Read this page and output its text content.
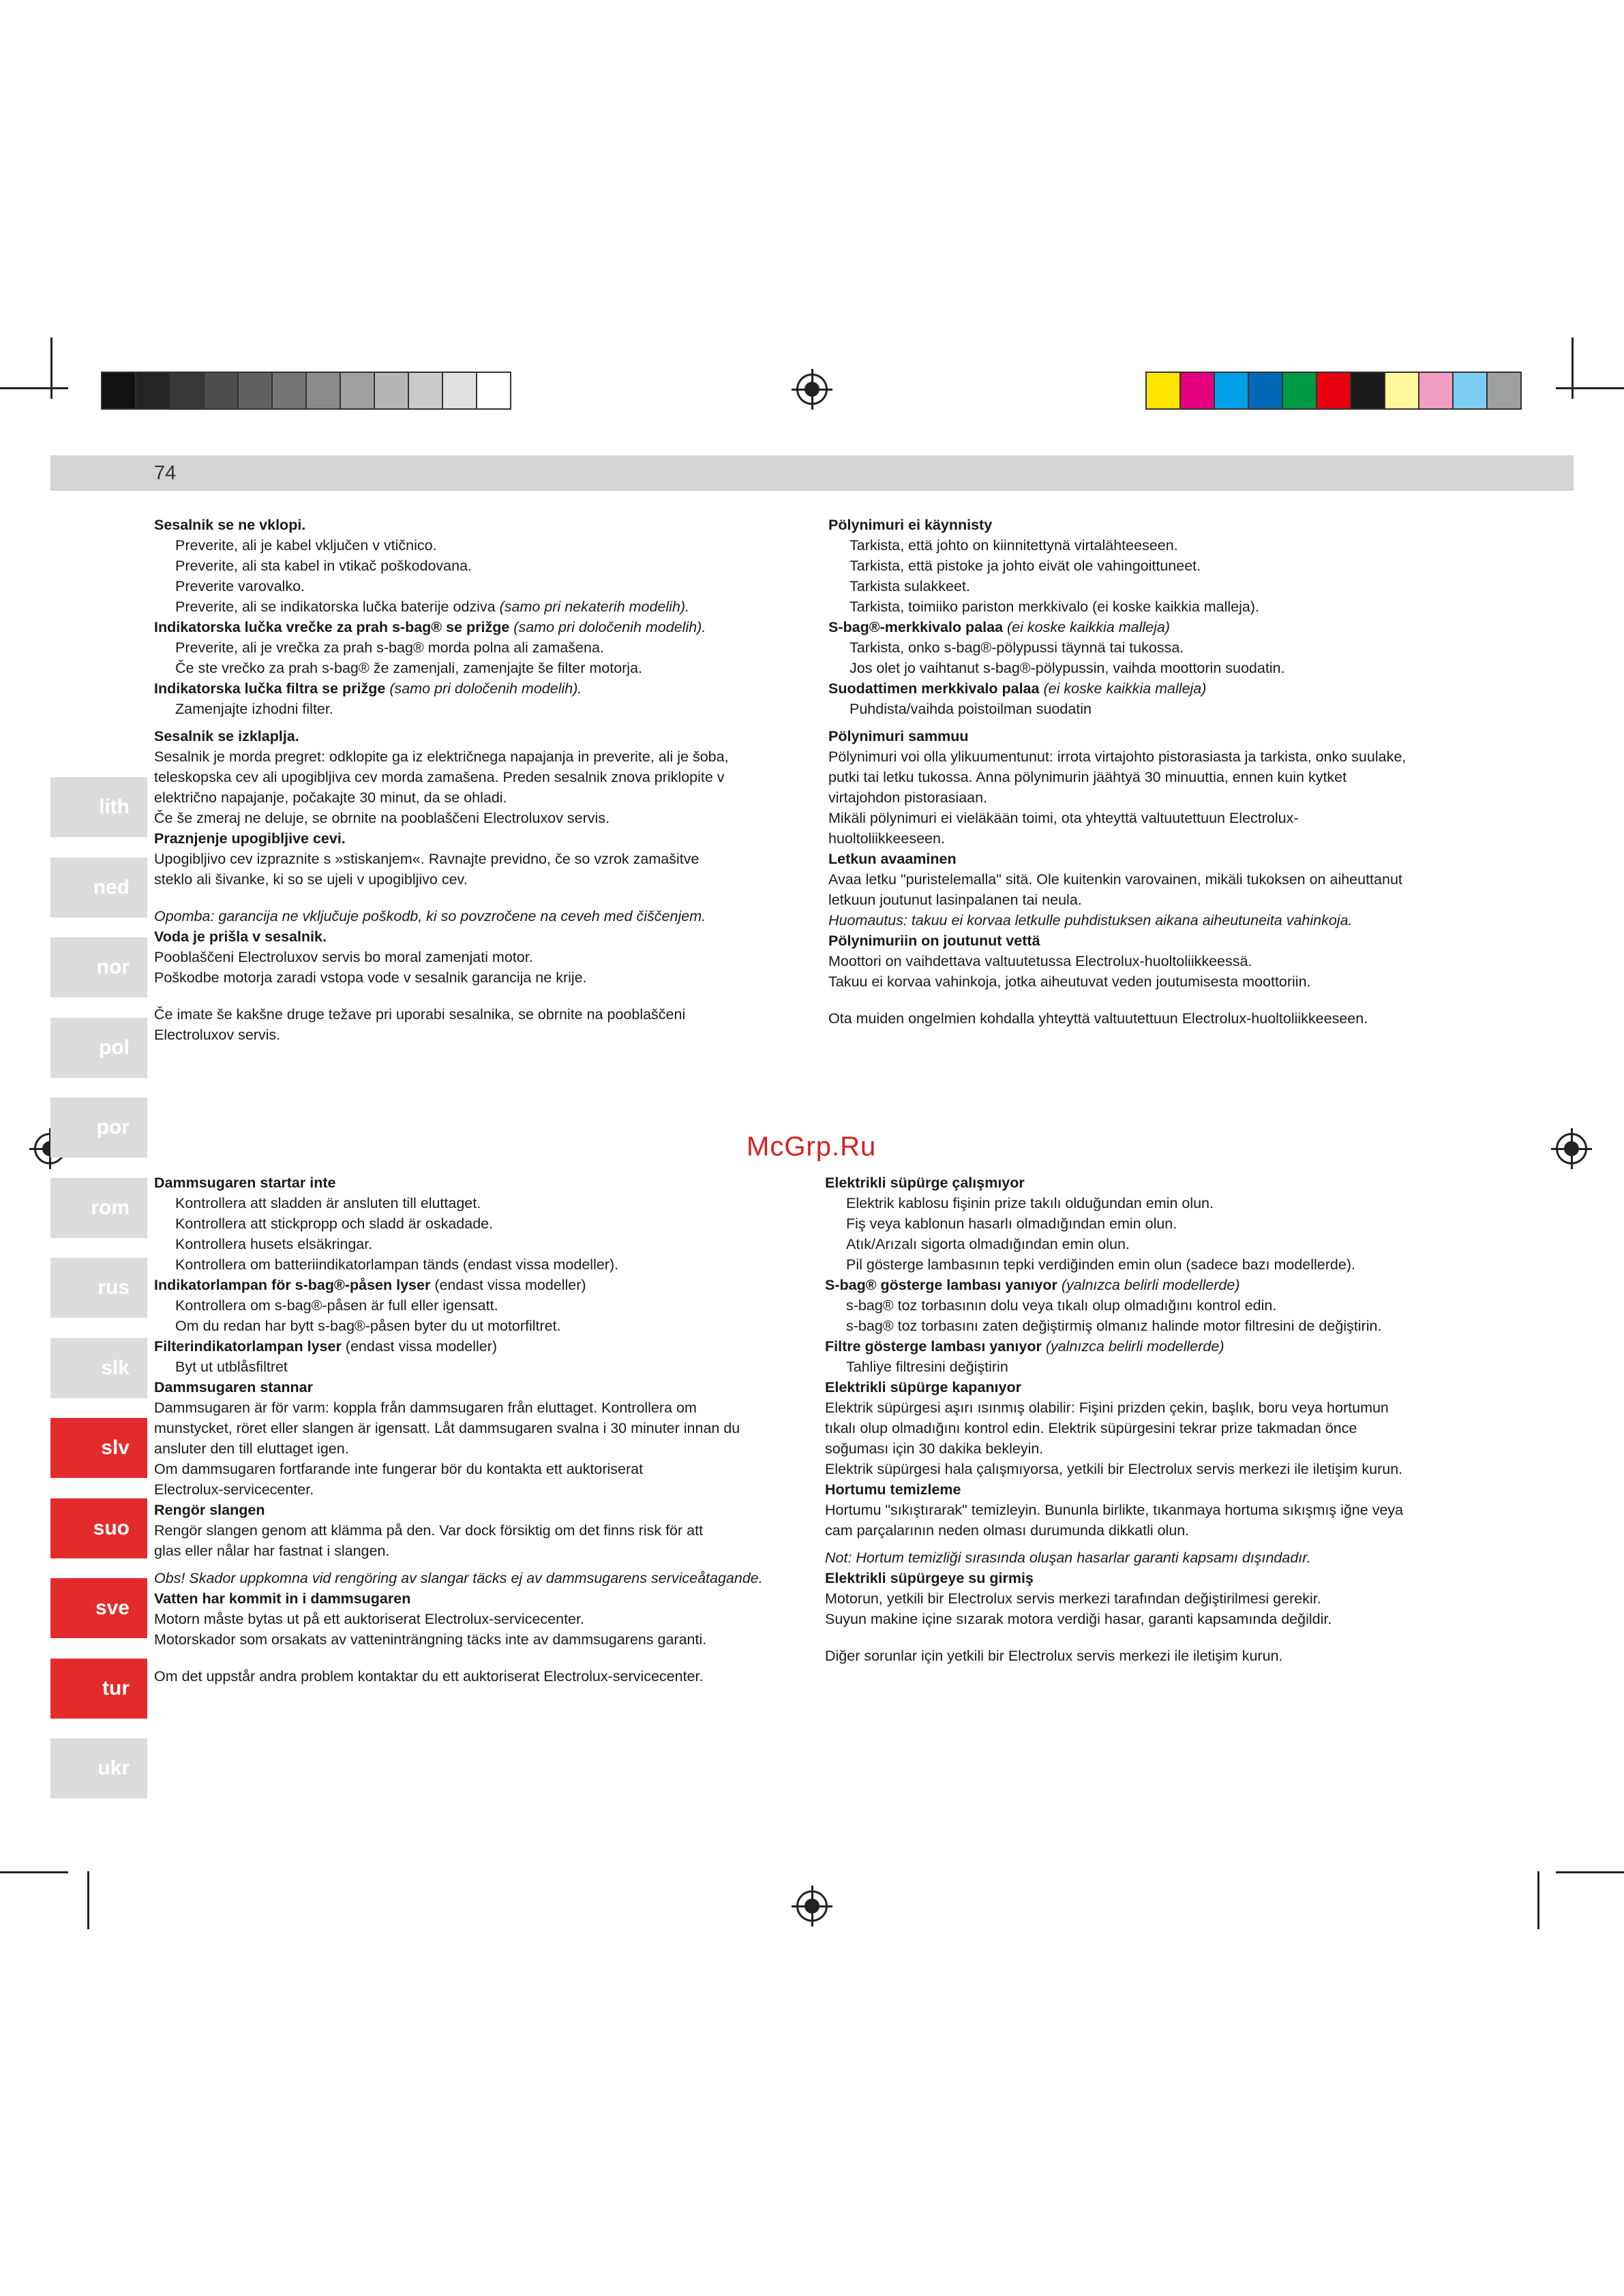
74
McGrp.Ru
lith
ned
nor
pol
por
rom
rus
slk
slv
suo
sve
tur
ukr

Sesalnik se ne vklopi.

Preverite, ali je kabel vključen v vtičnico.

Preverite, ali sta kabel in vtikač poškodovana.

Preverite varovalko.

Preverite, ali se indikatorska lučka baterije odziva (samo pri nekaterih modelih).

Indikatorska lučka vrečke za prah s-bag® se prižge (samo pri določenih modelih).

Preverite, ali je vrečka za prah s-bag® morda polna ali zamašena.

Če ste vrečko za prah s-bag® že zamenjali, zamenjajte še filter motorja.

Indikatorska lučka filtra se prižge (samo pri določenih modelih).

Zamenjajte izhodni filter.

Sesalnik se izklaplja.

Sesalnik je morda pregret: odklopite ga iz električnega napajanja in preverite, ali je šoba,

teleskopska cev ali upogibljiva cev morda zamašena. Preden sesalnik znova priklopite v

električno napajanje, počakajte 30 minut, da se ohladi.

Če še zmeraj ne deluje, se obrnite na pooblaščeni Electroluxov servis.

Praznjenje upogibljive cevi.

Upogibljivo cev izpraznite s »stiskanjem«. Ravnajte previdno, če so vzrok zamašitve

steklo ali šivanke, ki so se ujeli v upogibljivo cev.

Opomba: garancija ne vključuje poškodb, ki so povzročene na ceveh med čiščenjem.

Voda je prišla v sesalnik.

Pooblaščeni Electroluxov servis bo moral zamenjati motor.

Poškodbe motorja zaradi vstopa vode v sesalnik garancija ne krije.

Če imate še kakšne druge težave pri uporabi sesalnika, se obrnite na pooblaščeni

Electroluxov servis.

Pölynimuri ei käynnisty

Tarkista, että johto on kiinnitettynä virtalähteeseen.

Tarkista, että pistoke ja johto eivät ole vahingoittuneet.

Tarkista sulakkeet.

Tarkista, toimiiko pariston merkkivalo (ei koske kaikkia malleja).

S-bag®-merkkivalo palaa (ei koske kaikkia malleja)

Tarkista, onko s-bag®-pölypussi täynnä tai tukossa.

Jos olet jo vaihtanut s-bag®-pölypussin, vaihda moottorin suodatin.

Suodattimen merkkivalo palaa (ei koske kaikkia malleja)

Puhdista/vaihda poistoilman suodatin

Pölynimuri sammuu

Pölynimuri voi olla ylikuumentunut: irrota virtajohto pistorasiasta ja tarkista, onko suulake,

putki tai letku tukossa. Anna pölynimurin jäähtyä 30 minuuttia, ennen kuin kytket

virtajohdon pistorasiaan.

Mikäli pölynimuri ei vieläkään toimi, ota yhteyttä valtuutettuun Electrolux-

huoltoliikkeeseen.

Letkun avaaminen

Avaa letku "puristelemalla" sitä. Ole kuitenkin varovainen, mikäli tukoksen on aiheuttanut

letkuun joutunut lasinpalanen tai neula.

Huomautus: takuu ei korvaa letkulle puhdistuksen aikana aiheutuneita vahinkoja.

Pölynimuriin on joutunut vettä

Moottori on vaihdettava valtuutetussa Electrolux-huoltoliikkeessä.

Takuu ei korvaa vahinkoja, jotka aiheutuvat veden joutumisesta moottoriin.

Ota muiden ongelmien kohdalla yhteyttä valtuutettuun Electrolux-huoltoliikkeeseen.

Dammsugaren startar inte

Kontrollera att sladden är ansluten till eluttaget.

Kontrollera att stickpropp och sladd är oskadade.

Kontrollera husets elsäkringar.

Kontrollera om batteriindikatorlampan tänds (endast vissa modeller).

Indikatorlampan för s-bag®-påsen lyser (endast vissa modeller)

Kontrollera om s-bag®-påsen är full eller igensatt.

Om du redan har bytt s-bag®-påsen byter du ut motorfiltret.

Filterindikatorlampan lyser (endast vissa modeller)

Byt ut utblåsfiltret

Dammsugaren stannar

Dammsugaren är för varm: koppla från dammsugaren från eluttaget. Kontrollera om

munstycket, röret eller slangen är igensatt. Låt dammsugaren svalna i 30 minuter innan du

ansluter den till eluttaget igen.

Om dammsugaren fortfarande inte fungerar bör du kontakta ett auktoriserat

Electrolux-servicecenter.

Rengör slangen

Rengör slangen genom att klämma på den. Var dock försiktig om det finns risk för att

glas eller nålar har fastnat i slangen.

Obs! Skador uppkomna vid rengöring av slangar täcks ej av dammsugarens serviceåtagande.

Vatten har kommit in i dammsugaren

Motorn måste bytas ut på ett auktoriserat Electrolux-servicecenter.

Motorskador som orsakats av vatteninträngning täcks inte av dammsugarens garanti.

Om det uppstår andra problem kontaktar du ett auktoriserat Electrolux-servicecenter.

Elektrikli süpürge çalışmıyor

Elektrik kablosu fişinin prize takılı olduğundan emin olun.

Fiş veya kablonun hasarlı olmadığından emin olun.

Atık/Arızalı sigorta olmadığından emin olun.

Pil gösterge lambasının tepki verdiğinden emin olun (sadece bazı modellerde).

S-bag® gösterge lambası yanıyor (yalnızca belirli modellerde)

s-bag® toz torbasının dolu veya tıkalı olup olmadığını kontrol edin.

s-bag® toz torbasını zaten değiştirmiş olmanız halinde motor filtresini de değiştirin.

Filtre gösterge lambası yanıyor (yalnızca belirli modellerde)

Tahliye filtresini değiştirin

Elektrikli süpürge kapanıyor

Elektrik süpürgesi aşırı ısınmış olabilir: Fişini prizden çekin, başlık, boru veya hortumun

tıkalı olup olmadığını kontrol edin. Elektrik süpürgesini tekrar prize takmadan önce

soğuması için 30 dakika bekleyin.

Elektrik süpürgesi hala çalışmıyorsa, yetkili bir Electrolux servis merkezi ile iletişim kurun.

Hortumu temizleme

Hortumu "sıkıştırarak" temizleyin. Bununla birlikte, tıkanmaya hortuma sıkışmış iğne veya

cam parçalarının neden olması durumunda dikkatli olun.

Not: Hortum temizliği sırasında oluşan hasarlar garanti kapsamı dışındadır.

Elektrikli süpürgeye su girmiş

Motorun, yetkili bir Electrolux servis merkezi tarafından değiştirilmesi gerekir.

Suyun makine içine sızarak motora verdiği hasar, garanti kapsamında değildir.

Diğer sorunlar için yetkili bir Electrolux servis merkezi ile iletişim kurun.
